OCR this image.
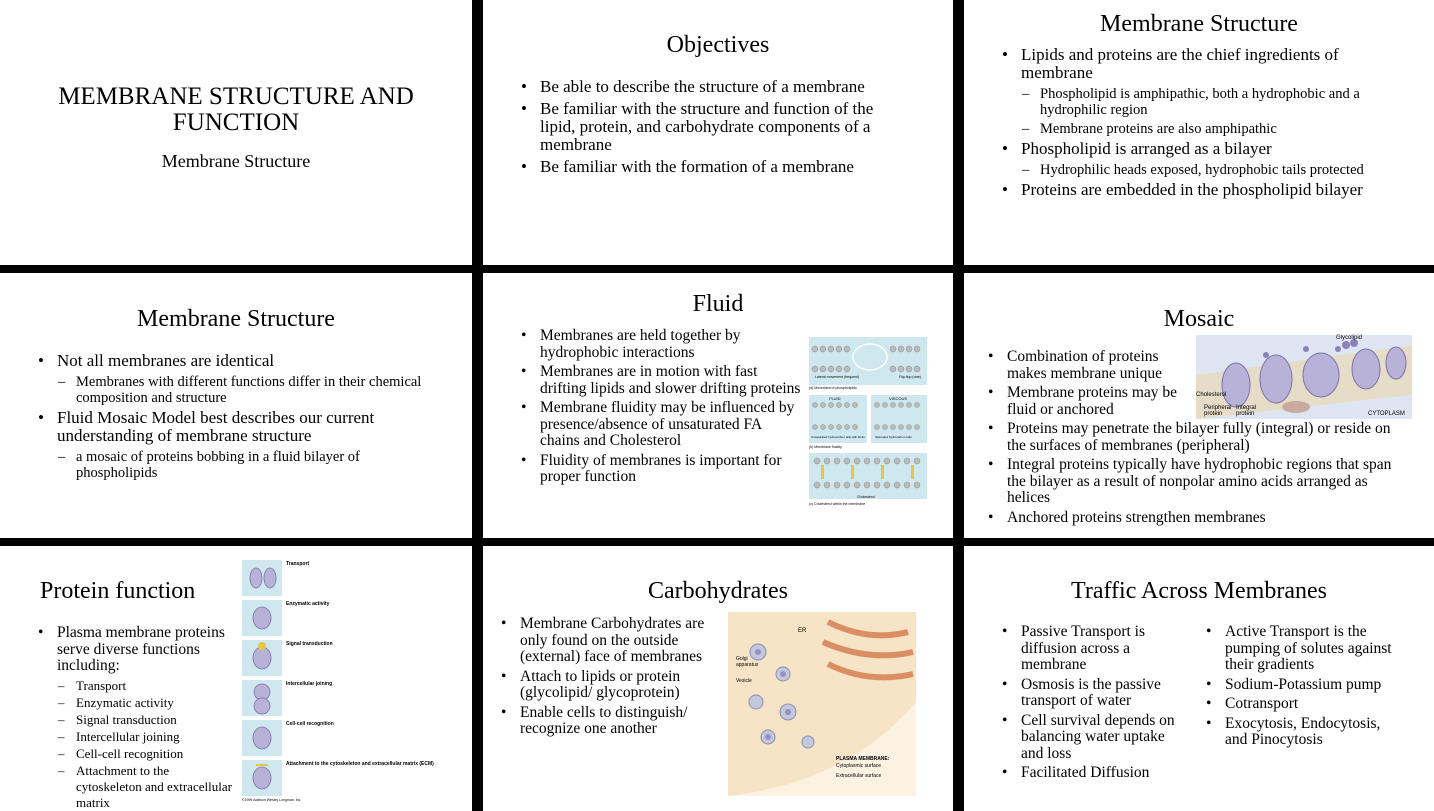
MEMBRANE STRUCTURE AND FUNCTION
Membrane Structure
Objectives
• Be able to describe the structure of a membrane
• Be familiar with the structure and function of the lipid, protein, and carbohydrate components of a membrane
• Be familiar with the formation of a membrane
Membrane Structure
• Lipids and proteins are the chief ingredients of membrane
– Phospholipid is amphipathic, both a hydrophobic and a hydrophilic region
– Membrane proteins are also amphipathic
• Phospholipid is arranged as a bilayer
– Hydrophilic heads exposed, hydrophobic tails protected
• Proteins are embedded in the phospholipid bilayer
Membrane Structure
• Not all membranes are identical
– Membranes with different functions differ in their chemical composition and structure
• Fluid Mosaic Model best describes our current understanding of membrane structure
– a mosaic of proteins bobbing in a fluid bilayer of phospholipids
Fluid
• Membranes are held together by hydrophobic interactions
• Membranes are in motion with fast drifting lipids and slower drifting proteins
• Membrane fluidity may be influenced by presence/absence of unsaturated FA chains and Cholesterol
• Fluidity of membranes is important for proper function
Lateral movement (frequent)	Flip-flop (rare)
(a) Movement of phospholipids
FLUID	VISCOUS
Unsaturated hydrocarbon tails with kinks	Saturated hydrocarbon tails
(b) Membrane fluidity
Cholesterol
(c) Cholesterol within the membrane
Mosaic
• Combination of proteins makes membrane unique
• Membrane proteins may be fluid or anchored
• Proteins may penetrate the bilayer fully (integral) or reside on the surfaces of membranes (peripheral)
• Integral proteins typically have hydrophobic regions that span the bilayer as a result of nonpolar amino acids arranged as helices
• Anchored proteins strengthen membranes
Glycolipid
Cholesterol
Peripheral protein
Integral protein	CYTOPLASM
Protein function
• Plasma membrane proteins serve diverse functions including:
– Transport
– Enzymatic activity
– Signal transduction
– Intercellular joining
– Cell-cell recognition
– Attachment to the cytoskeleton and extracellular matrix
Transport
Enzymatic activity
Signal transduction
Intercellular joining
Cell-cell recognition
Attachment to the cytoskeleton and extracellular matrix (ECM)
©1999 Addison Wesley Longman, Inc.
Carbohydrates
• Membrane Carbohydrates are only found on the outside (external) face of membranes
• Attach to lipids or protein (glycolipid/ glycoprotein)
• Enable cells to distinguish/ recognize one another
ER
Golgi apparatus
Vesicle
PLASMA MEMBRANE:
Cytoplasmic surface
Extracellular surface
Traffic Across Membranes
• Passive Transport is diffusion across a membrane
• Osmosis is the passive transport of water
• Cell survival depends on balancing water uptake and loss
• Facilitated Diffusion
• Active Transport is the pumping of solutes against their gradients
• Sodium-Potassium pump
• Cotransport
• Exocytosis, Endocytosis, and Pinocytosis
